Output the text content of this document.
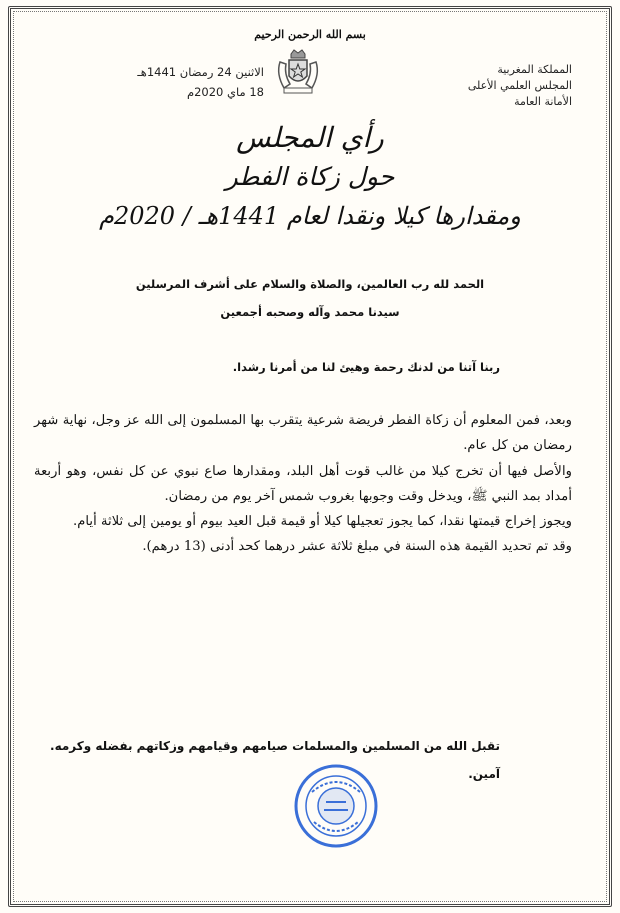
بسم الله الرحمن الرحيم
المملكة المغربية
المجلس العلمي الأعلى
الأمانة العامة
الاثنين 24 رمضان 1441هـ
18 ماي 2020م
رأي المجلس
حول زكاة الفطر
ومقدارها كيلا ونقدا لعام 1441هـ / 2020م
الحمد لله رب العالمين، والصلاة والسلام على أشرف المرسلين
سيدنا محمد وآله وصحبه أجمعين
ربنا آتنا من لدنك رحمة وهيئ لنا من أمرنا رشدا.

وبعد، فمن المعلوم أن زكاة الفطر فريضة شرعية يتقرب بها المسلمون إلى الله عز وجل، نهاية شهر رمضان من كل عام.

والأصل فيها أن تخرج كيلا من غالب قوت أهل البلد، ومقدارها صاع نبوي عن كل نفس، وهو أربعة أمداد بمد النبي ﷺ، ويدخل وقت وجوبها بغروب شمس آخر يوم من رمضان.

ويجوز إخراج قيمتها نقدا، كما يجوز تعجيلها كيلا أو قيمة قبل العيد بيوم أو يومين إلى ثلاثة أيام.

وقد تم تحديد القيمة هذه السنة في مبلغ ثلاثة عشر درهما كحد أدنى (13 درهم).

تقبل الله من المسلمين والمسلمات صيامهم وقيامهم وزكاتهم بفضله وكرمه.
آمين.
